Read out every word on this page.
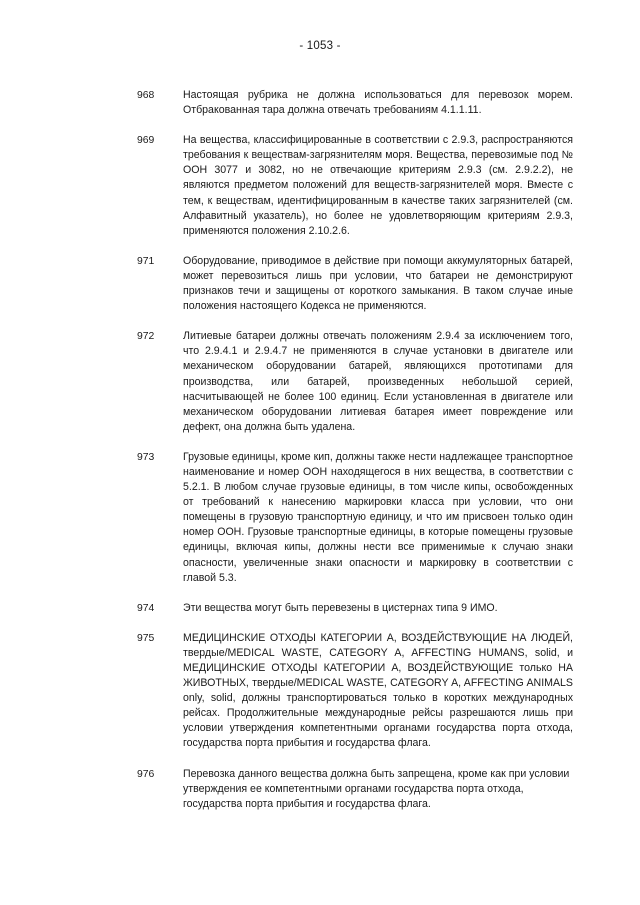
- 1053 -
968	Настоящая рубрика не должна использоваться для перевозок морем. Отбракованная тара должна отвечать требованиям 4.1.1.11.
969	На вещества, классифицированные в соответствии с 2.9.3, распространяются требования к веществам-загрязнителям моря. Вещества, перевозимые под № ООН 3077 и 3082, но не отвечающие критериям 2.9.3 (см. 2.9.2.2), не являются предметом положений для веществ-загрязнителей моря. Вместе с тем, к веществам, идентифицированным в качестве таких загрязнителей (см. Алфавитный указатель), но более не удовлетворяющим критериям 2.9.3, применяются положения 2.10.2.6.
971	Оборудование, приводимое в действие при помощи аккумуляторных батарей, может перевозиться лишь при условии, что батареи не демонстрируют признаков течи и защищены от короткого замыкания. В таком случае иные положения настоящего Кодекса не применяются.
972	Литиевые батареи должны отвечать положениям 2.9.4 за исключением того, что 2.9.4.1 и 2.9.4.7 не применяются в случае установки в двигателе или механическом оборудовании батарей, являющихся прототипами для производства, или батарей, произведенных небольшой серией, насчитывающей не более 100 единиц. Если установленная в двигателе или механическом оборудовании литиевая батарея имеет повреждение или дефект, она должна быть удалена.
973	Грузовые единицы, кроме кип, должны также нести надлежащее транспортное наименование и номер ООН находящегося в них вещества, в соответствии с 5.2.1. В любом случае грузовые единицы, в том числе кипы, освобожденных от требований к нанесению маркировки класса при условии, что они помещены в грузовую транспортную единицу, и что им присвоен только один номер ООН. Грузовые транспортные единицы, в которые помещены грузовые единицы, включая кипы, должны нести все применимые к случаю знаки опасности, увеличенные знаки опасности и маркировку в соответствии с главой 5.3.
974	Эти вещества могут быть перевезены в цистернах типа 9 ИМО.
975	МЕДИЦИНСКИЕ ОТХОДЫ КАТЕГОРИИ А, ВОЗДЕЙСТВУЮЩИЕ НА ЛЮДЕЙ, твердые/MEDICAL WASTE, CATEGORY A, AFFECTING HUMANS, solid, и МЕДИЦИНСКИЕ ОТХОДЫ КАТЕГОРИИ А, ВОЗДЕЙСТВУЮЩИЕ только НА ЖИВОТНЫХ, твердые/MEDICAL WASTE, CATEGORY A, AFFECTING ANIMALS only, solid, должны транспортироваться только в коротких международных рейсах. Продолжительные международные рейсы разрешаются лишь при условии утверждения компетентными органами государства порта отхода, государства порта прибытия и государства флага.
976	Перевозка данного вещества должна быть запрещена, кроме как при условии утверждения ее компетентными органами государства порта отхода, государства порта прибытия и государства флага.
